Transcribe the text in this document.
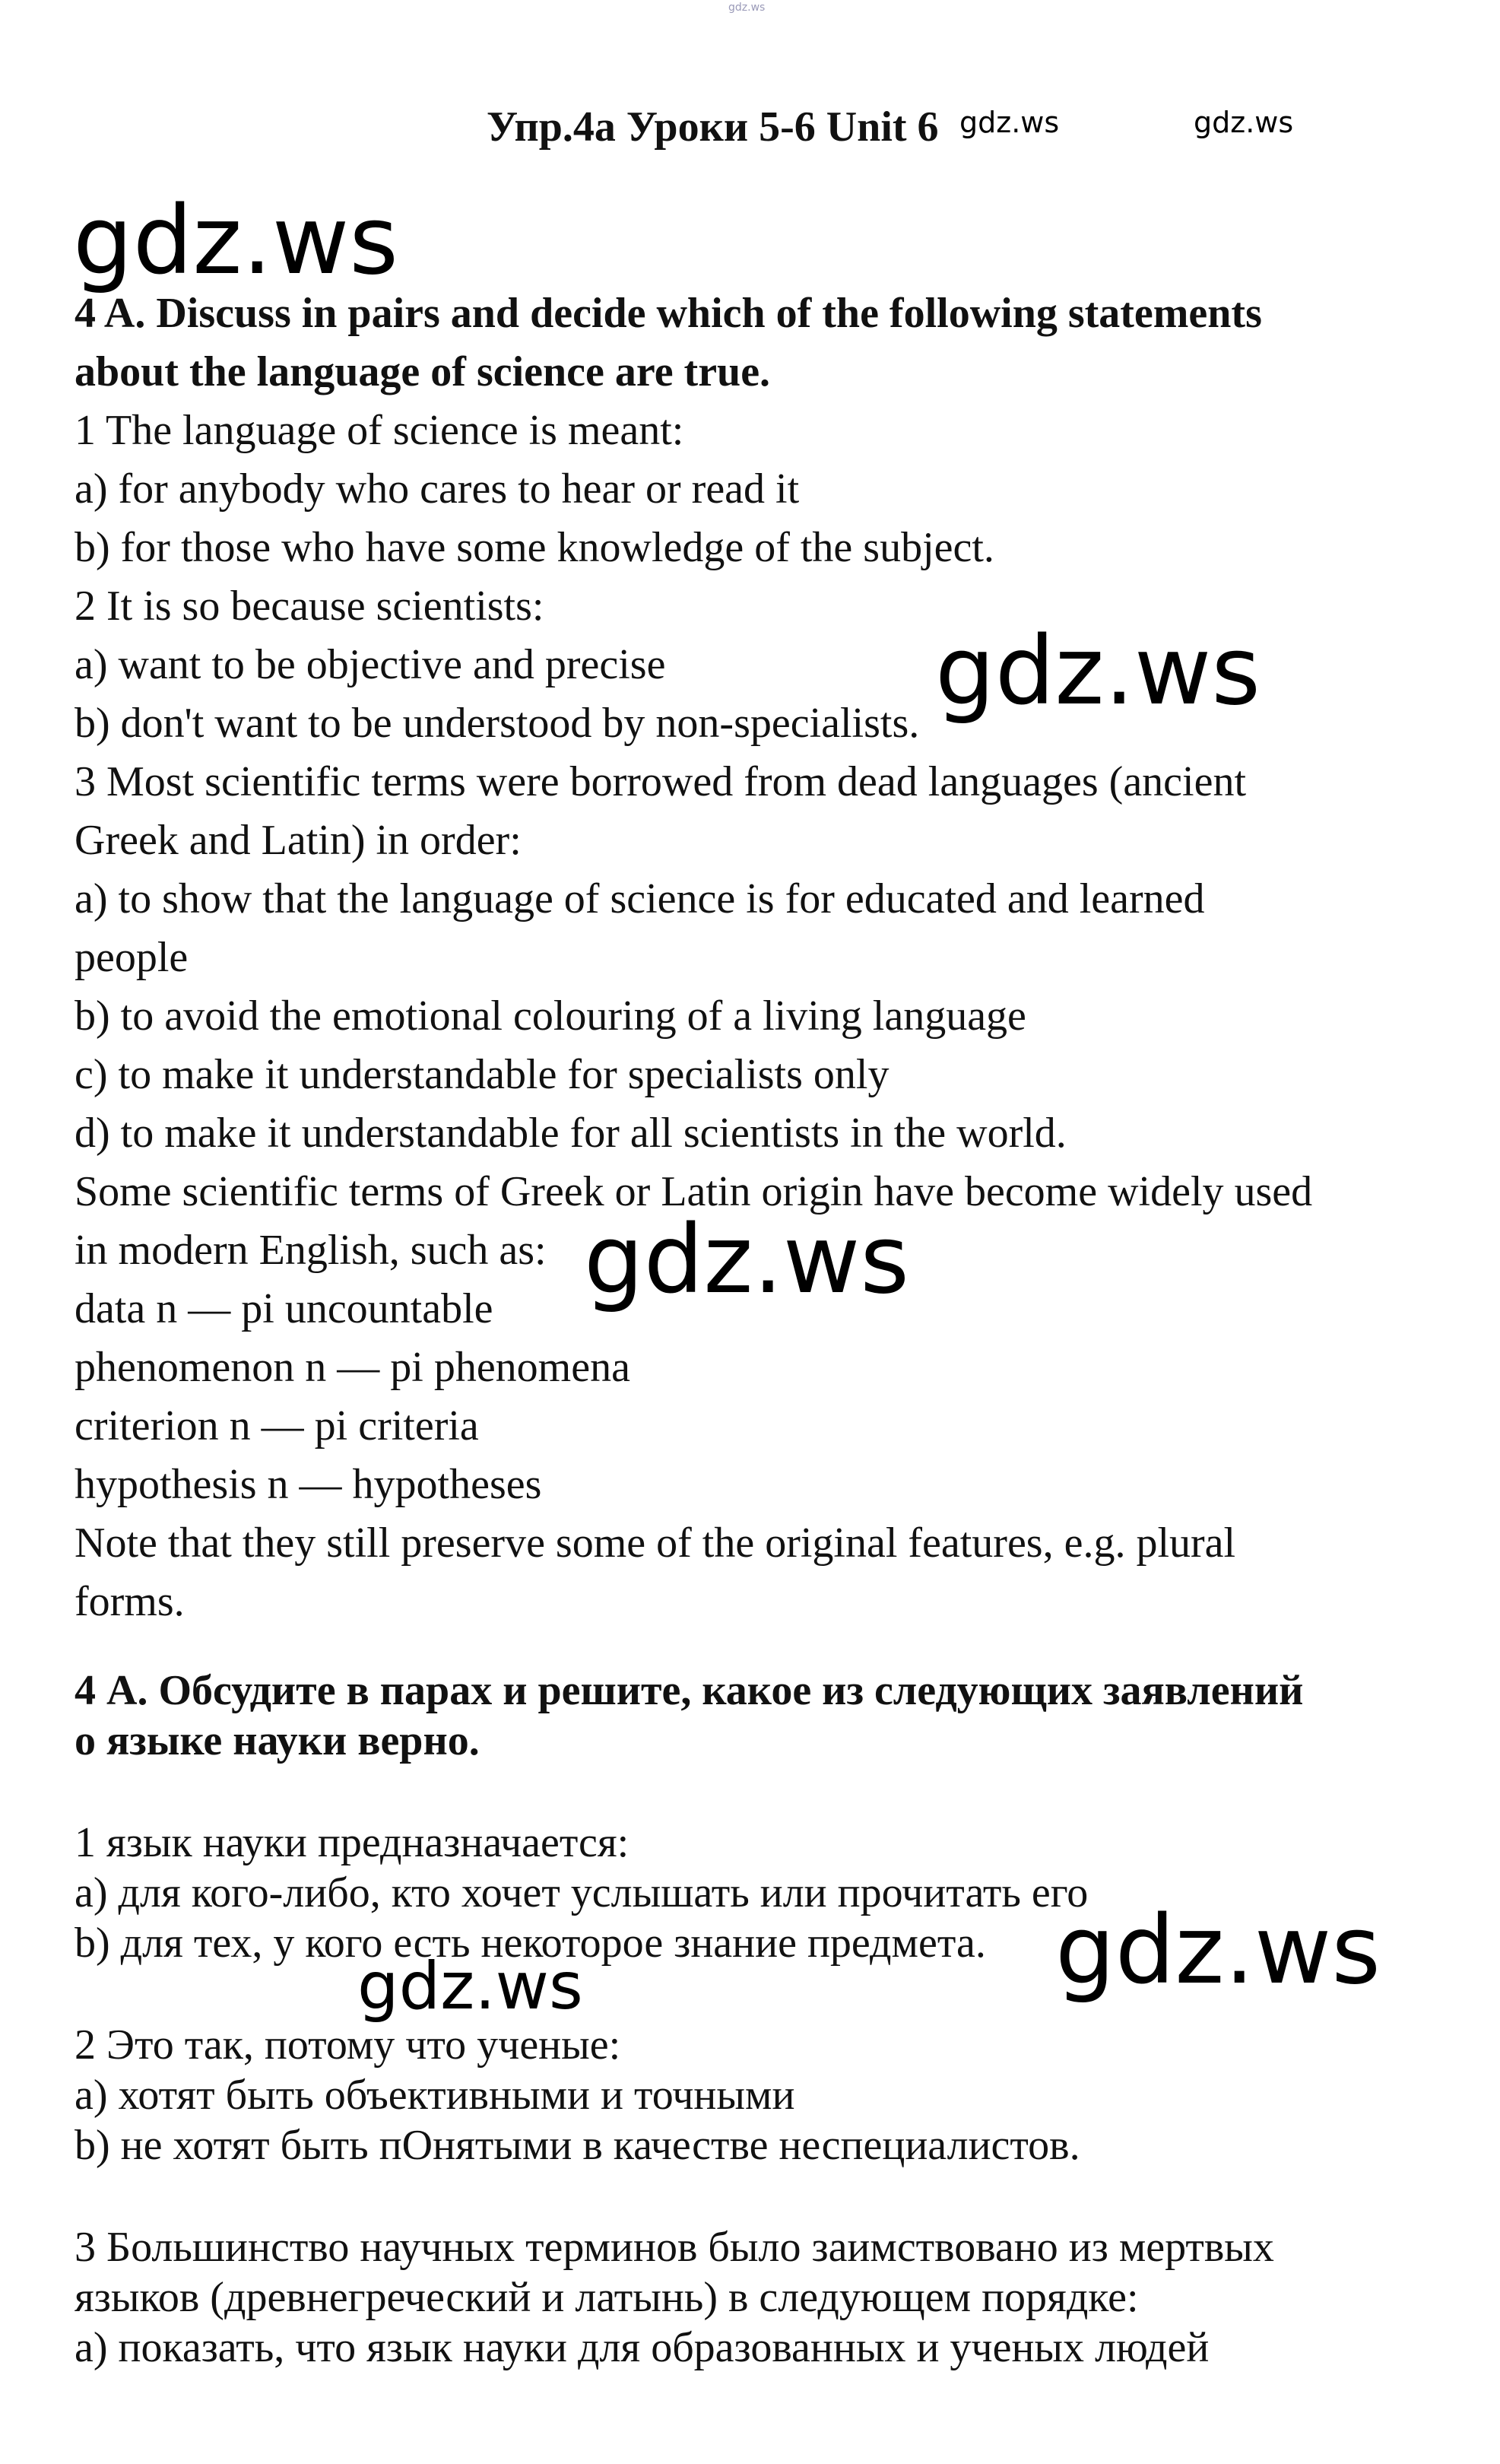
gdz.ws
Упр.4а Уроки 5-6 Unit 6 gdz.ws	gdz.ws
gdz.ws
4 A. Discuss in pairs and decide which of the following statements
about the language of science are true.
1 The language of science is meant:
a) for anybody who cares to hear or read it
b) for those who have some knowledge of the subject.
2 It is so because scientists:
a) want to be objective and precise
b) don't want to be understood by non-specialists.
3 Most scientific terms were borrowed from dead languages (ancient
Greek and Latin) in order:
a) to show that the language of science is for educated and learned
people
b) to avoid the emotional colouring of a living language
c) to make it understandable for specialists only
d) to make it understandable for all scientists in the world.
Some scientific terms of Greek or Latin origin have become widely used
in modern English, such as:
data n — pi uncountable
phenomenon n — pi phenomena
criterion n — pi criteria
hypothesis n — hypotheses
Note that they still preserve some of the original features, e.g. plural
forms.
gdz.ws
gdz.ws
4 А. Обсудите в парах и решите, какое из следующих заявлений
о языке науки верно.
1 язык науки предназначается:
a) для кого-либо, кто хочет услышать или прочитать его
b) для тех, у кого есть некоторое знание предмета.
2 Это так, потому что ученые:
a) хотят быть объективными и точными
b) не хотят быть пОнятыми в качестве неспециалистов.
3 Большинство научных терминов было заимствовано из мертвых
языков (древнегреческий и латынь) в следующем порядке:
a) показать, что язык науки для образованных и ученых людей
gdz.ws
gdz.ws
